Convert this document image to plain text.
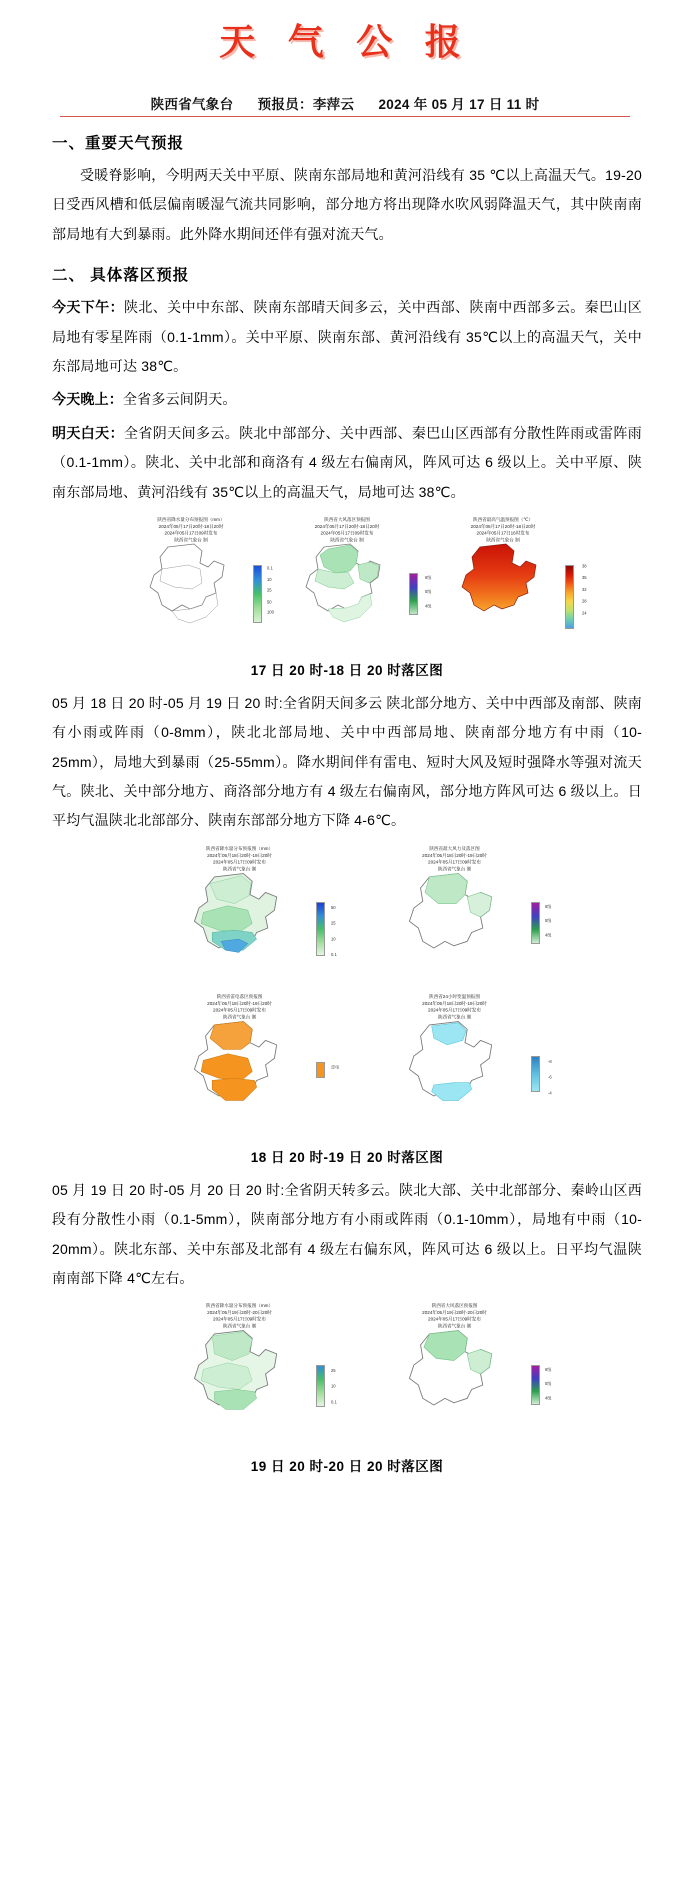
天 气 公 报
陕西省气象台 预报员：李萍云 2024 年 05 月 17 日 11 时
一、重要天气预报

受暖脊影响，今明两天关中平原、陕南东部局地和黄河沿线有 35 ℃以上高温天气。19-20 日受西风槽和低层偏南暖湿气流共同影响，部分地方将出现降水吹风弱降温天气，其中陕南南部局地有大到暴雨。此外降水期间还伴有强对流天气。

二、 具体落区预报

今天下午：陕北、关中中东部、陕南东部晴天间多云，关中西部、陕南中西部多云。秦巴山区局地有零星阵雨（0.1-1mm）。关中平原、陕南东部、黄河沿线有 35℃以上的高温天气，关中东部局地可达 38℃。

今天晚上：全省多云间阴天。

明天白天：全省阴天间多云。陕北中部部分、关中西部、秦巴山区西部有分散性阵雨或雷阵雨（0.1-1mm）。陕北、关中北部和商洛有 4 级左右偏南风，阵风可达 6 级以上。关中平原、陕南东部局地、黄河沿线有 35℃以上的高温天气，局地可达 38℃。

陕西省降水量分布预报图（mm）
2024年05月17日20时-18日20时
2024年05月17日09时发布
陕西省气象台 制
0.1
10
25
50
100
陕西省大风落区预报图
2024年05月17日20时-18日20时
2024年05月17日09时发布
陕西省气象台 制
6级
5级
4级
陕西省最高气温预报图（℃）
2024年05月17日20时-18日20时
2024年05月17日16时发布
陕西省气象台 制
38
35
32
28
24
17 日 20 时-18 日 20 时落区图

05 月 18 日 20 时-05 月 19 日 20 时:全省阴天间多云 陕北部分地方、关中中西部及南部、陕南有小雨或阵雨（0-8mm），陕北北部局地、关中中西部局地、陕南部分地方有中雨（10-25mm），局地大到暴雨（25-55mm）。降水期间伴有雷电、短时大风及短时强降水等强对流天气。陕北、关中部分地方、商洛部分地方有 4 级左右偏南风，部分地方阵风可达 6 级以上。日平均气温陕北北部部分、陕南东部部分地方下降 4-6℃。

陕西省降水量分布预报图（mm）
2024年05月18日20时-19日20时
2024年05月17日09时发布
陕西省气象台 制
50
25
10
0.1
陕西省最大风力及落区图
2024年05月18日20时-19日20时
2024年05月17日09时发布
陕西省气象台 制
6级
5级
4级
陕西省雷电落区预报图
2024年05月18日20时-19日20时
2024年05月17日09时发布
陕西省气象台 制
雷电
陕西省24小时变温预报图
2024年05月18日20时-19日20时
2024年05月17日09时发布
陕西省气象台 制
-8
-6
-4
18 日 20 时-19 日 20 时落区图

05 月 19 日 20 时-05 月 20 日 20 时:全省阴天转多云。陕北大部、关中北部部分、秦岭山区西段有分散性小雨（0.1-5mm），陕南部分地方有小雨或阵雨（0.1-10mm），局地有中雨（10-20mm）。陕北东部、关中东部及北部有 4 级左右偏东风，阵风可达 6 级以上。日平均气温陕南南部下降 4℃左右。

陕西省降水量分布预报图（mm）
2024年05月19日20时-20日20时
2024年05月17日09时发布
陕西省气象台 制
25
10
0.1
陕西省大风落区预报图
2024年05月19日20时-20日20时
2024年05月17日09时发布
陕西省气象台 制
6级
5级
4级
19 日 20 时-20 日 20 时落区图
